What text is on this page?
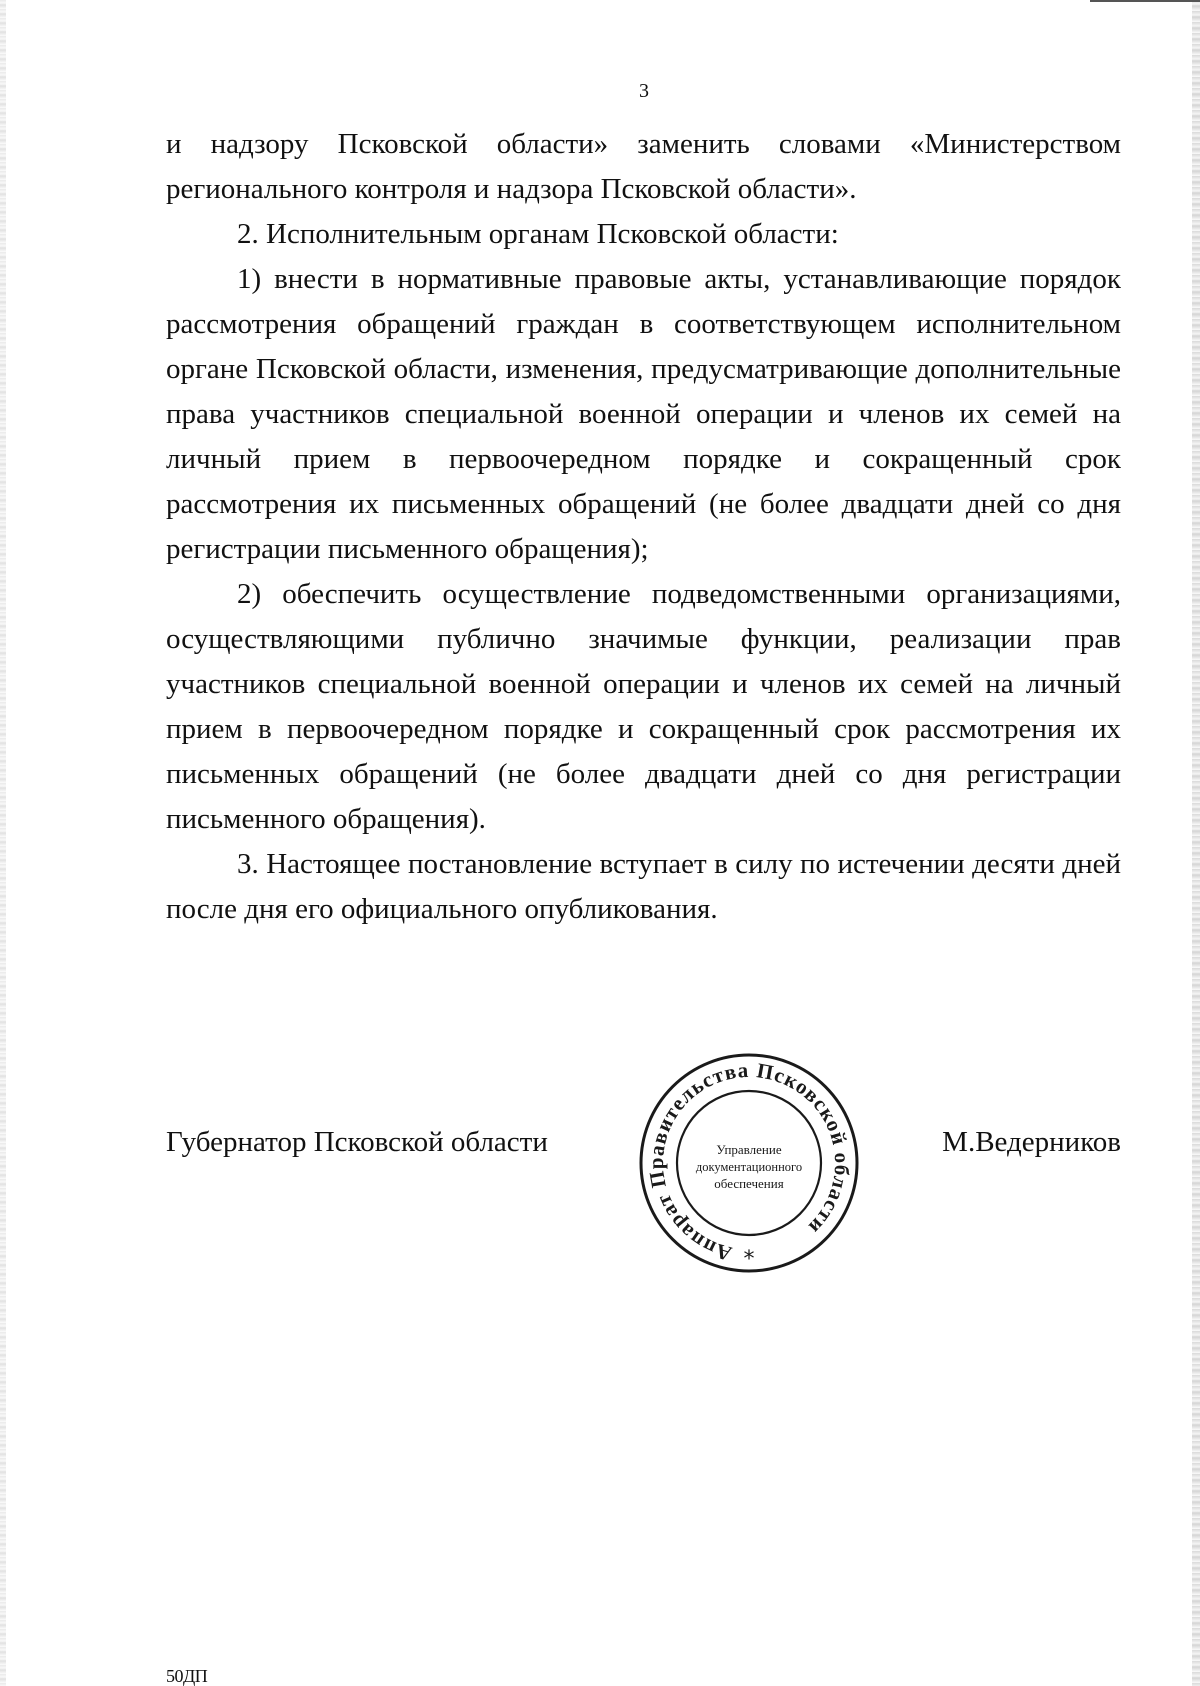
3

и надзору Псковской области» заменить словами «Министерством регионального контроля и надзора Псковской области».

2. Исполнительным органам Псковской области:

1) внести в нормативные правовые акты, устанавливающие порядок рассмотрения обращений граждан в соответствующем исполнительном органе Псковской области, изменения, предусматривающие дополнительные права участников специальной военной операции и членов их семей на личный прием в первоочередном порядке и сокращенный срок рассмотрения их письменных обращений (не более двадцати дней со дня регистрации письменного обращения);

2) обеспечить осуществление подведомственными организациями, осуществляющими публично значимые функции, реализации прав участников специальной военной операции и членов их семей на личный прием в первоочередном порядке и сокращенный срок рассмотрения их письменных обращений (не более двадцати дней со дня регистрации письменного обращения).

3. Настоящее постановление вступает в силу по истечении десяти дней после дня его официального опубликования.

Губернатор Псковской области	М.Ведерников
Аппарат Правительства Псковской области
Управление
документационного
обеспечения
*
50ДП
